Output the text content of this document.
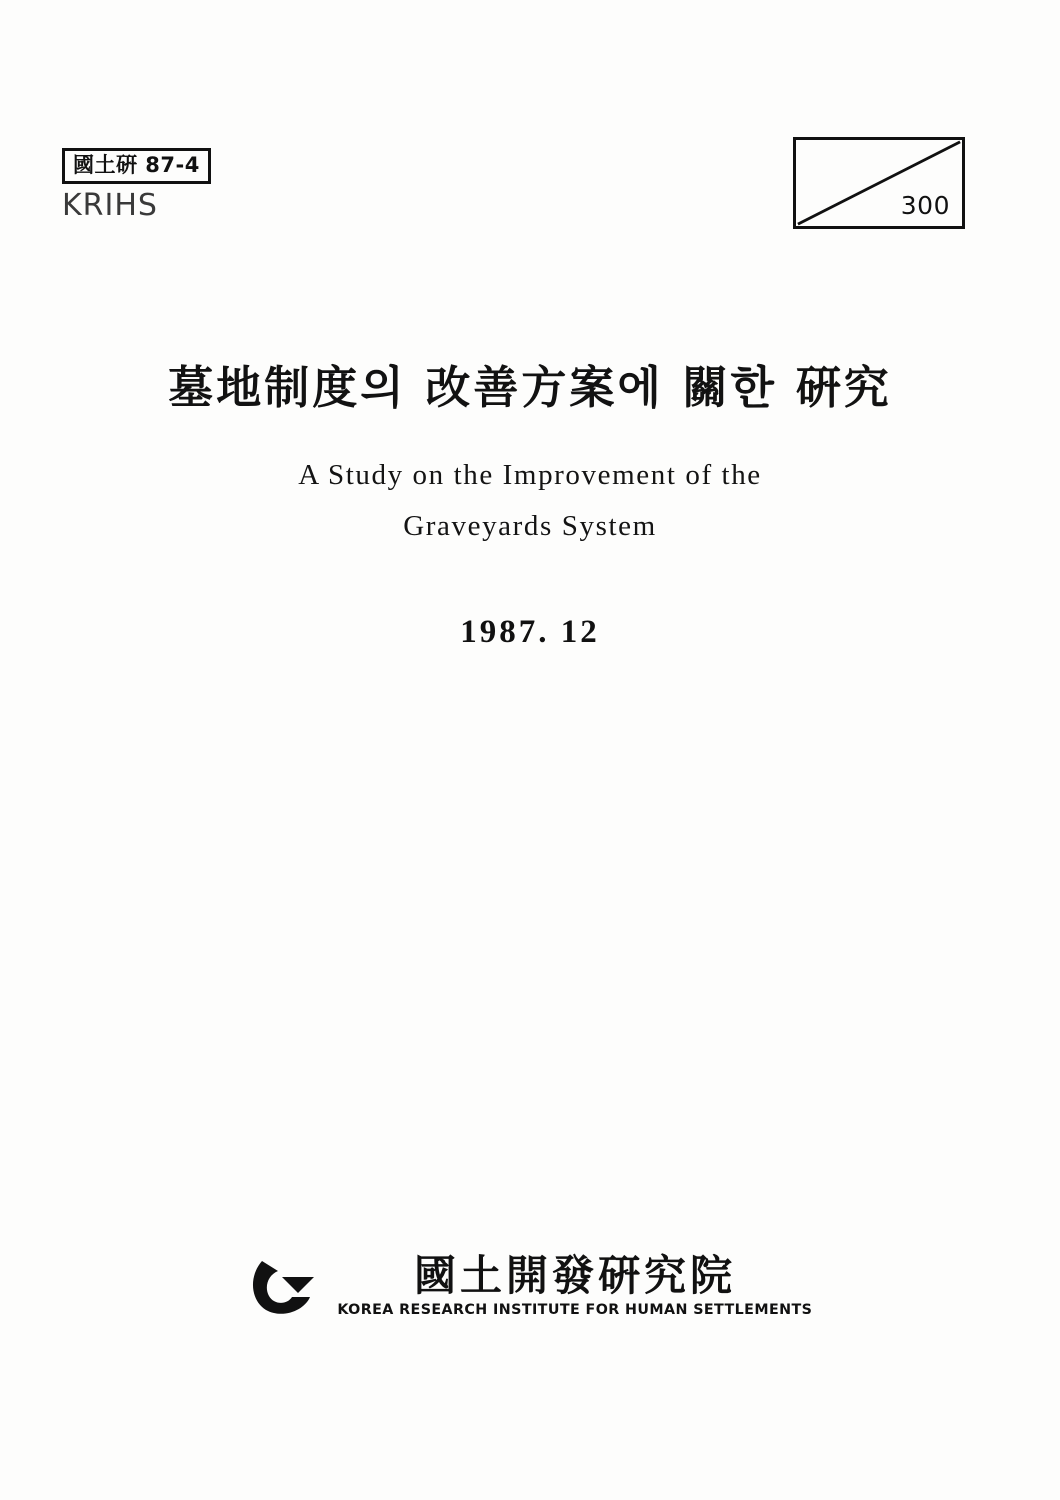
國土硏 87-4
KRIHS	300
墓地制度의 改善方案에 關한 硏究
A Study on the Improvement of the
Graveyards System
1987. 12
國土開發硏究院
KOREA RESEARCH INSTITUTE FOR HUMAN SETTLEMENTS
